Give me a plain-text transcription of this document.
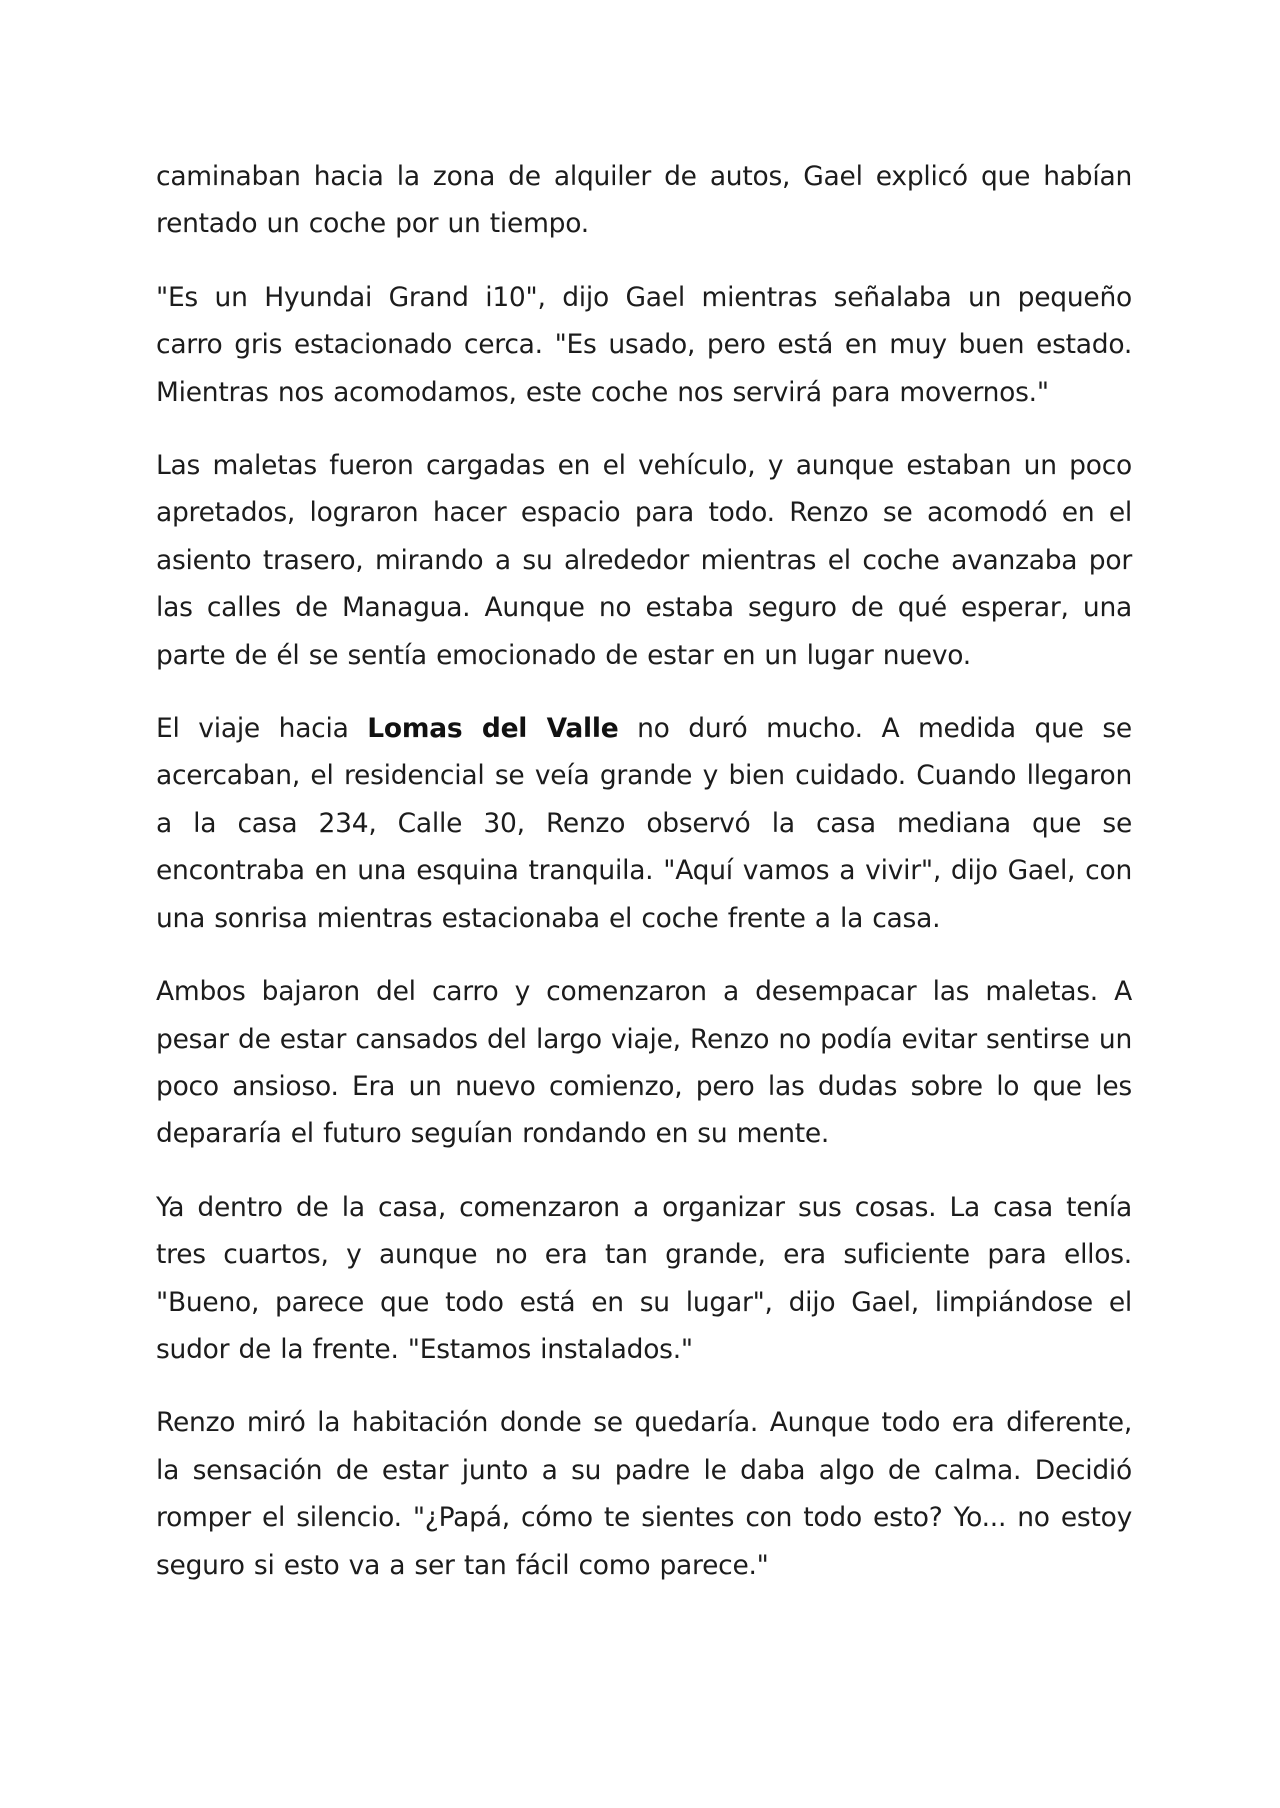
caminaban hacia la zona de alquiler de autos, Gael explicó que habían rentado un coche por un tiempo.

"Es un Hyundai Grand i10", dijo Gael mientras señalaba un pequeño carro gris estacionado cerca. "Es usado, pero está en muy buen estado. Mientras nos acomodamos, este coche nos servirá para movernos."

Las maletas fueron cargadas en el vehículo, y aunque estaban un poco apretados, lograron hacer espacio para todo. Renzo se acomodó en el asiento trasero, mirando a su alrededor mientras el coche avanzaba por las calles de Managua. Aunque no estaba seguro de qué esperar, una parte de él se sentía emocionado de estar en un lugar nuevo.

El viaje hacia Lomas del Valle no duró mucho. A medida que se acercaban, el residencial se veía grande y bien cuidado. Cuando llegaron a la casa 234, Calle 30, Renzo observó la casa mediana que se encontraba en una esquina tranquila. "Aquí vamos a vivir", dijo Gael, con una sonrisa mientras estacionaba el coche frente a la casa.

Ambos bajaron del carro y comenzaron a desempacar las maletas. A pesar de estar cansados del largo viaje, Renzo no podía evitar sentirse un poco ansioso. Era un nuevo comienzo, pero las dudas sobre lo que les depararía el futuro seguían rondando en su mente.

Ya dentro de la casa, comenzaron a organizar sus cosas. La casa tenía tres cuartos, y aunque no era tan grande, era suficiente para ellos. "Bueno, parece que todo está en su lugar", dijo Gael, limpiándose el sudor de la frente. "Estamos instalados."

Renzo miró la habitación donde se quedaría. Aunque todo era diferente, la sensación de estar junto a su padre le daba algo de calma. Decidió romper el silencio. "¿Papá, cómo te sientes con todo esto? Yo... no estoy seguro si esto va a ser tan fácil como parece."
